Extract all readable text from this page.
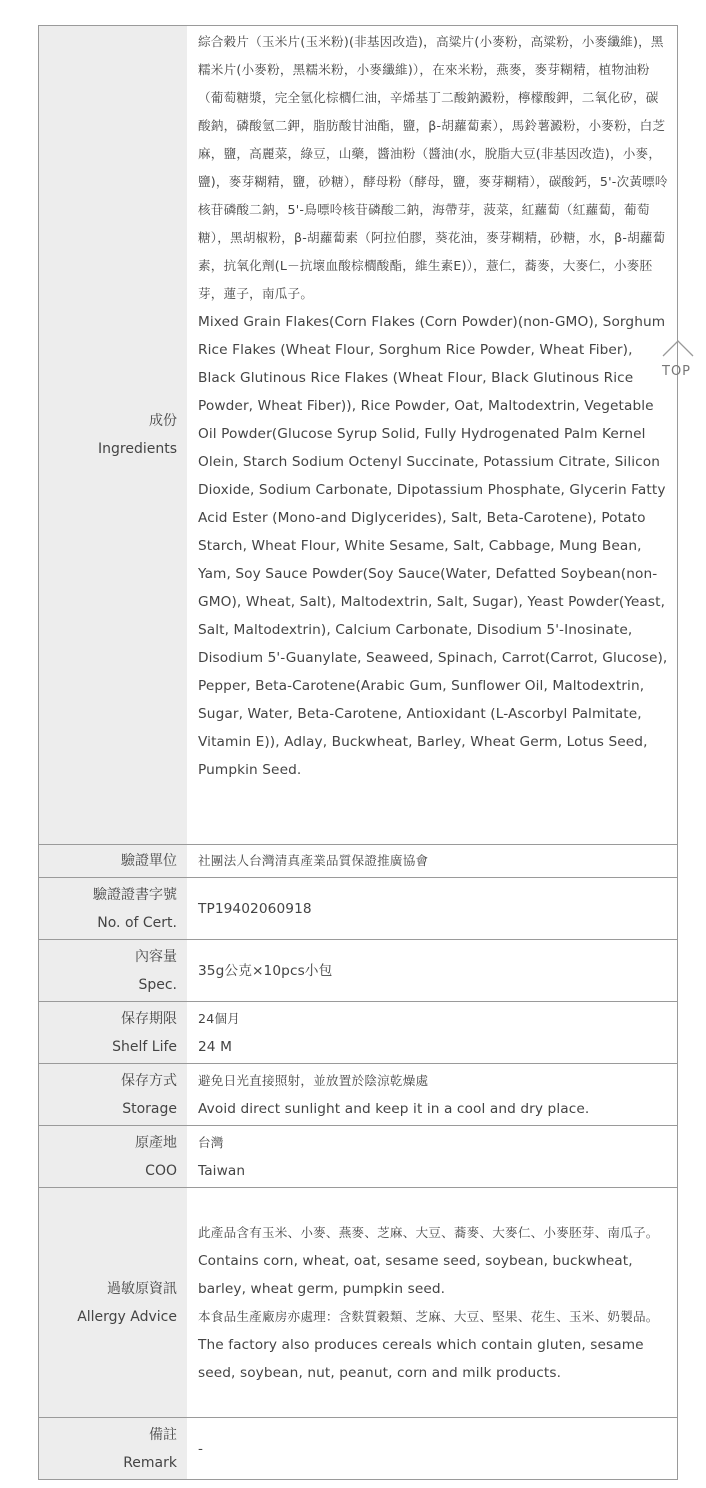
成份
Ingredients

綜合穀片（玉米片(玉米粉)(非基因改造)，高粱片(小麥粉，高粱粉，小麥纖維)，黑糯米片(小麥粉，黑糯米粉，小麥纖維)），在來米粉，燕麥，麥芽糊精，植物油粉（葡萄糖漿，完全氫化棕櫚仁油，辛烯基丁二酸鈉澱粉，檸檬酸鉀，二氧化矽，碳酸鈉，磷酸氫二鉀，脂肪酸甘油酯，鹽，β-胡蘿蔔素），馬鈴薯澱粉，小麥粉，白芝麻，鹽，高麗菜，綠豆，山藥，醬油粉（醬油(水，脫脂大豆(非基因改造)，小麥，鹽)，麥芽糊精，鹽，砂糖），酵母粉（酵母，鹽，麥芽糊精），碳酸鈣，5'-次黃嘌呤核苷磷酸二鈉，5'-鳥嘌呤核苷磷酸二鈉，海帶芽，菠菜，紅蘿蔔（紅蘿蔔，葡萄糖），黑胡椒粉，β-胡蘿蔔素（阿拉伯膠，葵花油，麥芽糊精，砂糖，水，β-胡蘿蔔素，抗氧化劑(L－抗壞血酸棕櫚酸酯，維生素E)），薏仁，蕎麥，大麥仁，小麥胚芽，蓮子，南瓜子。

Mixed Grain Flakes(Corn Flakes (Corn Powder)(non-GMO), Sorghum Rice Flakes (Wheat Flour, Sorghum Rice Powder, Wheat Fiber), Black Glutinous Rice Flakes (Wheat Flour, Black Glutinous Rice Powder, Wheat Fiber)), Rice Powder, Oat, Maltodextrin, Vegetable Oil Powder(Glucose Syrup Solid, Fully Hydrogenated Palm Kernel Olein, Starch Sodium Octenyl Succinate, Potassium Citrate, Silicon Dioxide, Sodium Carbonate, Dipotassium Phosphate, Glycerin Fatty Acid Ester (Mono-and Diglycerides), Salt, Beta-Carotene), Potato Starch, Wheat Flour, White Sesame, Salt, Cabbage, Mung Bean, Yam, Soy Sauce Powder(Soy Sauce(Water, Defatted Soybean(non-GMO), Wheat, Salt), Maltodextrin, Salt, Sugar), Yeast Powder(Yeast, Salt, Maltodextrin), Calcium Carbonate, Disodium 5'-Inosinate, Disodium 5'-Guanylate, Seaweed, Spinach, Carrot(Carrot, Glucose), Pepper, Beta-Carotene(Arabic Gum, Sunflower Oil, Maltodextrin, Sugar, Water, Beta-Carotene, Antioxidant (L-Ascorbyl Palmitate, Vitamin E)), Adlay, Buckwheat, Barley, Wheat Germ, Lotus Seed, Pumpkin Seed.

驗證單位 社團法人台灣清真產業品質保證推廣協會

驗證證書字號
No. of Cert.

TP19402060918

內容量
Spec.

35g公克×10pcs小包

保存期限
Shelf Life

24個月

24 M

保存方式
Storage

避免日光直接照射，並放置於陰涼乾燥處

Avoid direct sunlight and keep it in a cool and dry place.

原產地
COO

台灣

Taiwan

過敏原資訊
Allergy Advice

此產品含有玉米、小麥、燕麥、芝麻、大豆、蕎麥、大麥仁、小麥胚芽、南瓜子。

Contains corn, wheat, oat, sesame seed, soybean, buckwheat, barley, wheat germ, pumpkin seed.

本食品生產廠房亦處理：含麩質穀類、芝麻、大豆、堅果、花生、玉米、奶製品。

The factory also produces cereals which contain gluten, sesame seed, soybean, nut, peanut, corn and milk products.

備註
Remark

-

TOP
